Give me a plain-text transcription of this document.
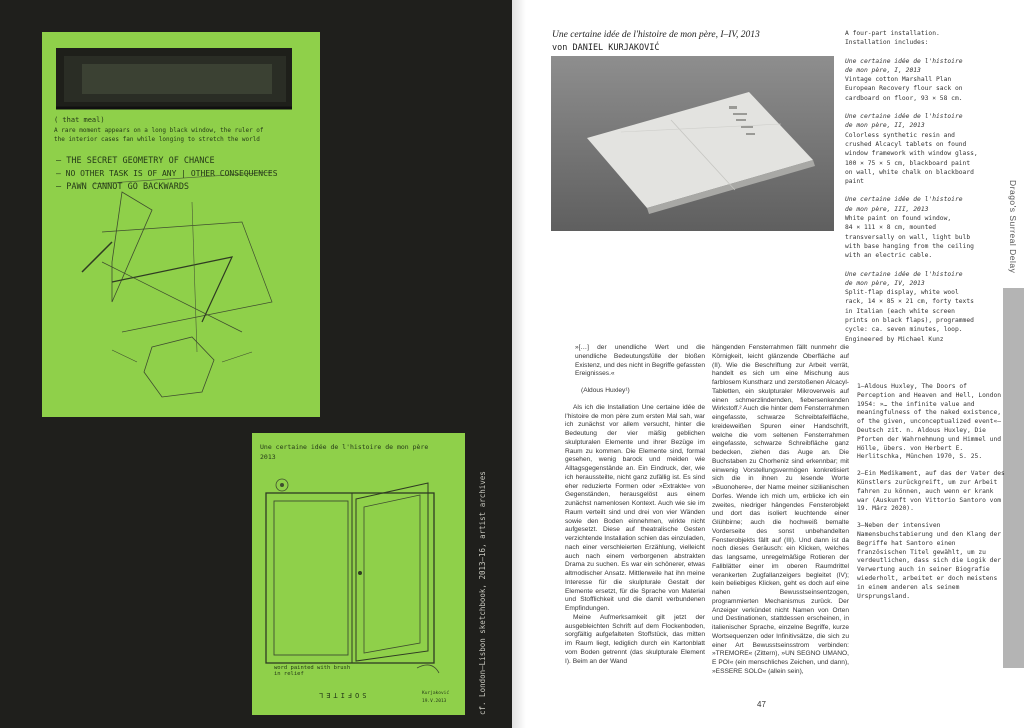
( that meal)
A rare moment appears on a long black window, the ruler of
the interior cases fan while longing to stretch the world
– THE SECRET GEOMETRY OF CHANCE
– NO OTHER TASK IS OF ANY | OTHER CONSEQUENCES
– PAWN CANNOT GO BACKWARDS
Une certaine idée de l'histoire de mon père
2013
word painted with brush
in relief
SOFITEL	Kurjaković
19.V.2013	cf. London–Lisbon sketchbook, 2013–16, artist archives
Une certaine idée de l'histoire de mon père, I–IV, 2013
von DANIEL KURJAKOVIĆ

A four-part installation.
Installation includes:

Une certaine idée de l'histoire
de mon père, I, 2013
Vintage cotton Marshall Plan
European Recovery flour sack on
cardboard on floor, 93 × 58 cm.

Une certaine idée de l'histoire
de mon père, II, 2013
Colorless synthetic resin and
crushed Alcacyl tablets on found
window framework with window glass,
100 × 75 × 5 cm, blackboard paint
on wall, white chalk on blackboard
paint

Une certaine idée de l'histoire
de mon père, III, 2013
White paint on found window,
84 × 111 × 8 cm, mounted
transversally on wall, light bulb
with base hanging from the ceiling
with an electric cable.

Une certaine idée de l'histoire
de mon père, IV, 2013
Split-flap display, white wool
rack, 14 × 85 × 21 cm, forty texts
in Italian (each white screen
prints on black flaps), programmed
cycle: ca. seven minutes, loop.
Engineered by Michael Kunz

Drago's Surreal Delay

»[…] der unendliche Wert und die unendliche Bedeutungsfülle der bloßen Existenz, und des nicht in Begriffe gefassten Ereignisses.«

(Aldous Huxley¹)

Als ich die Installation Une certaine idée de l'histoire de mon père zum ersten Mal sah, war ich zunächst vor allem versucht, hinter die Bedeutung der vier mäßig geblichen skulpturalen Elemente und ihrer Bezüge im Raum zu kommen. Die Elemente sind, formal gesehen, wenig barock und meiden wie Alltagsgegenstände an. Ein Eindruck, der, wie ich heraussteilte, nicht ganz zufällig ist. Es sind eher reduzierte Formen oder »Extrakte« von Gegenständen, herausgelöst aus einem zunächst namenlosen Kontext. Auch wie sie im Raum verteilt sind und drei von vier Wänden sowie den Boden einnehmen, wirkte nicht aufgesetzt. Diese auf theatralische Gesten verzichtende Installation schien das einzuladen, nach einer verschleierten Erzählung, vielleicht auch nach einem verborgenen abstrakten Drama zu suchen. Es war ein schönerer, etwas altmodischer Ansatz. Mittlerweile hat ihn meine Interesse für die skulpturale Gestalt der Elemente ersetzt, für die Sprache von Material und Stofflichkeit und die damit verbundenen Empfindungen.

Meine Aufmerksamkeit gilt jetzt der ausgebleichten Schrift auf dem Flockenboden, sorgfältig aufgefalteten Stoffstück, das mitten im Raum liegt, lediglich durch ein Kartonblatt vom Boden getrennt (das skulpturale Element I). Beim an der Wand

hängenden Fensterrahmen fällt nunmehr die Körnigkeit, leicht glänzende Oberfläche auf (II). Wie die Beschriftung zur Arbeit verrät, handelt es sich um eine Mischung aus farblosem Kunstharz und zerstoßenen Alcacyl-Tabletten, ein skulpturaler Mikroverweis auf einen schmerzlindernden, fiebersenkenden Wirkstoff.² Auch die hinter dem Fensterrahmen eingefasste, schwarze Schreibtafelfläche, kreideweißen Spuren einer Handschrift, welche die vom seltenen Fensterrahmen eingefasste, schwarze Schreibfläche ganz bedecken, ziehen das Auge an. Die Buchstaben zu Chorheniz sind erkennbar; mit einwenig Vorstellungsvermögen konkretisiert sich die in ihnen zu lesende Worte »Buonohere«, der Name meiner sizilianischen Dorfes. Wende ich mich um, erblicke ich ein zweites, niedriger hängendes Fensterobjekt und dort das isoliert leuchtende einer Glühbirne; auch die hochweiß bemalte Vorderseite des sonst unbehandelten Fensterobjekts fällt auf (III). Und dann ist da noch dieses Geräusch: ein Klicken, welches das langsame, unregelmäßige Rotieren der Fallblätter einer im oberen Raumdrittel verankerten Zugfallanzeigers begleitet (IV); kein beliebiges Klicken, geht es doch auf eine nahen Bewusstseinsentzogen, programmierten Mechanismus zurück. Der Anzeiger verkündet nicht Namen von Orten und Destinationen, stattdessen erscheinen, in italienischer Sprache, einzelne Begriffe, kurze Wortsequenzen oder Infinitivsätze, die sich zu einer Art Bewusstseinsstrom verbinden: »TREMORE« (Zittern), »UN SEGNO UMANO, E POI« (ein menschliches Zeichen, und dann), »ESSERE SOLO« (allein sein),

1–Aldous Huxley, The Doors of Perception and Heaven and Hell, London 1954: »… the infinite value and meaningfulness of the naked existence, of the given, unconceptualized event«–Deutsch zit. n. Aldous Huxley, Die Pforten der Wahrnehmung und Himmel und Hölle, übers. von Herbert E. Herlitschka, München 1970, S. 25.

2–Ein Medikament, auf das der Vater des Künstlers zurückgreift, um zur Arbeit fahren zu können, auch wenn er krank war (Auskunft von Vittorio Santoro vom 19. März 2020).

3–Neben der intensiven Namensbuchstabierung und den Klang der Begriffe hat Santoro einen französischen Titel gewählt, um zu verdeutlichen, dass sich die Logik der Verwertung auch in seiner Biografie wiederholt, arbeitet er doch meistens in einem anderen als seinem Ursprungsland.

47
